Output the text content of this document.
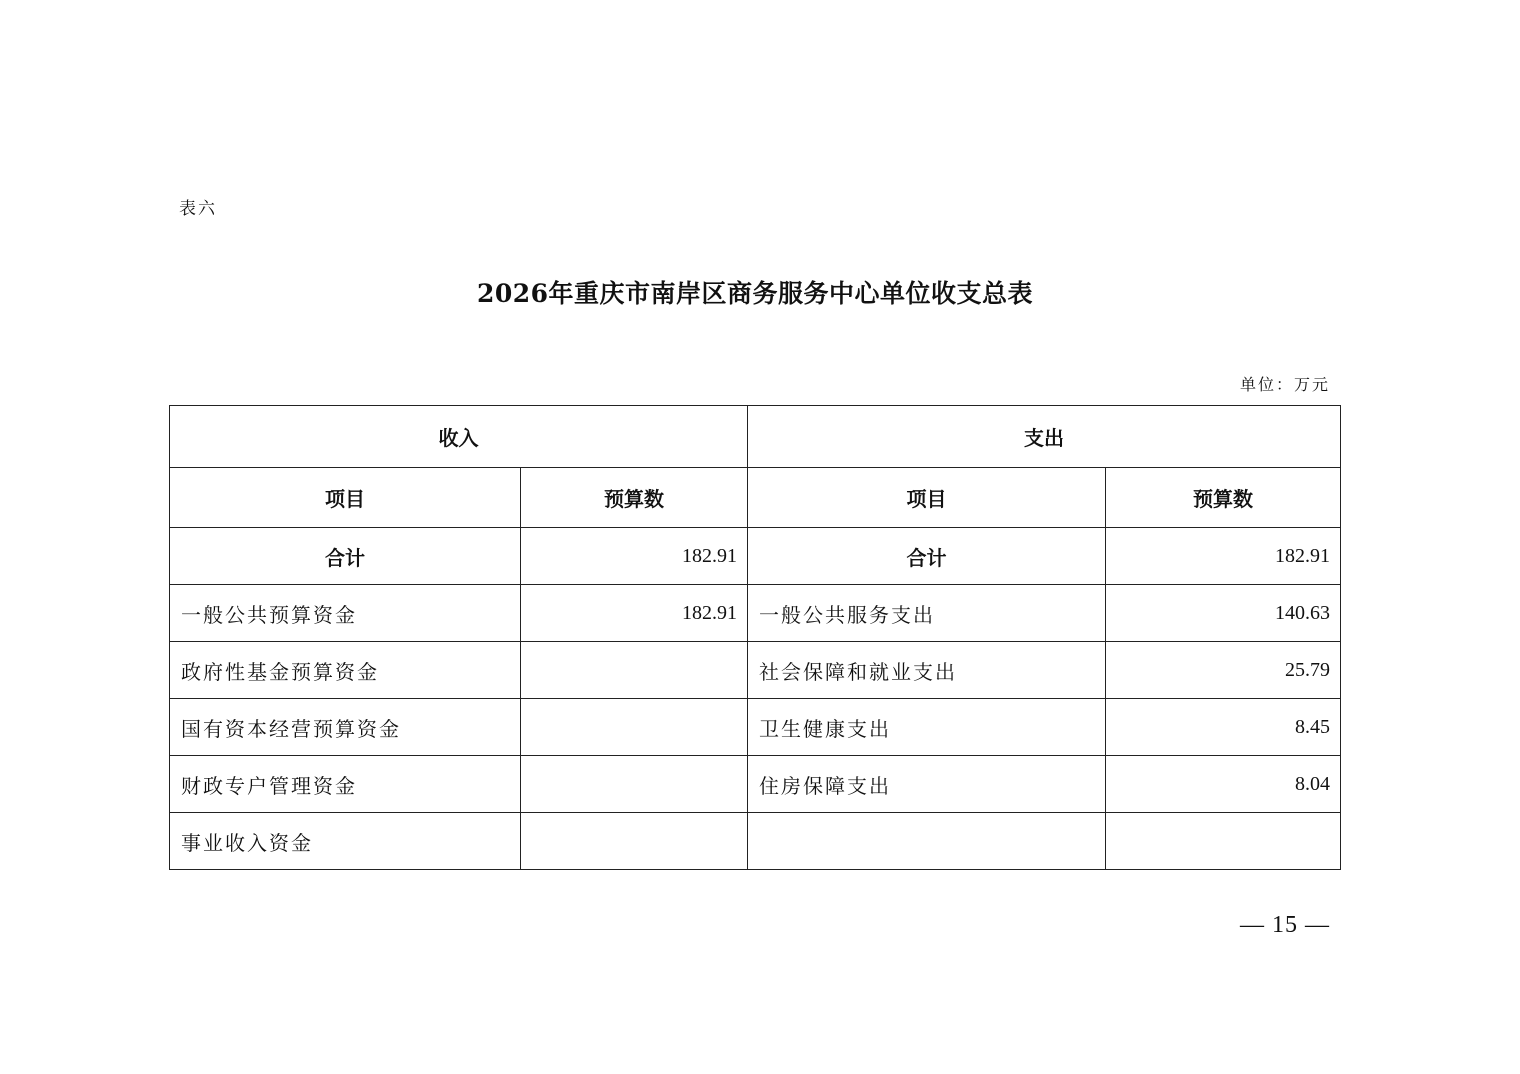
表六
2026年重庆市南岸区商务服务中心单位收支总表
单位：万元
收入		支出	
项目	预算数	项目	预算数
合计	182.91	合计	182.91
一般公共预算资金	182.91	一般公共服务支出	140.63
政府性基金预算资金		社会保障和就业支出	25.79
国有资本经营预算资金		卫生健康支出	8.45
财政专户管理资金		住房保障支出	8.04
事业收入资金			
— 15 —
